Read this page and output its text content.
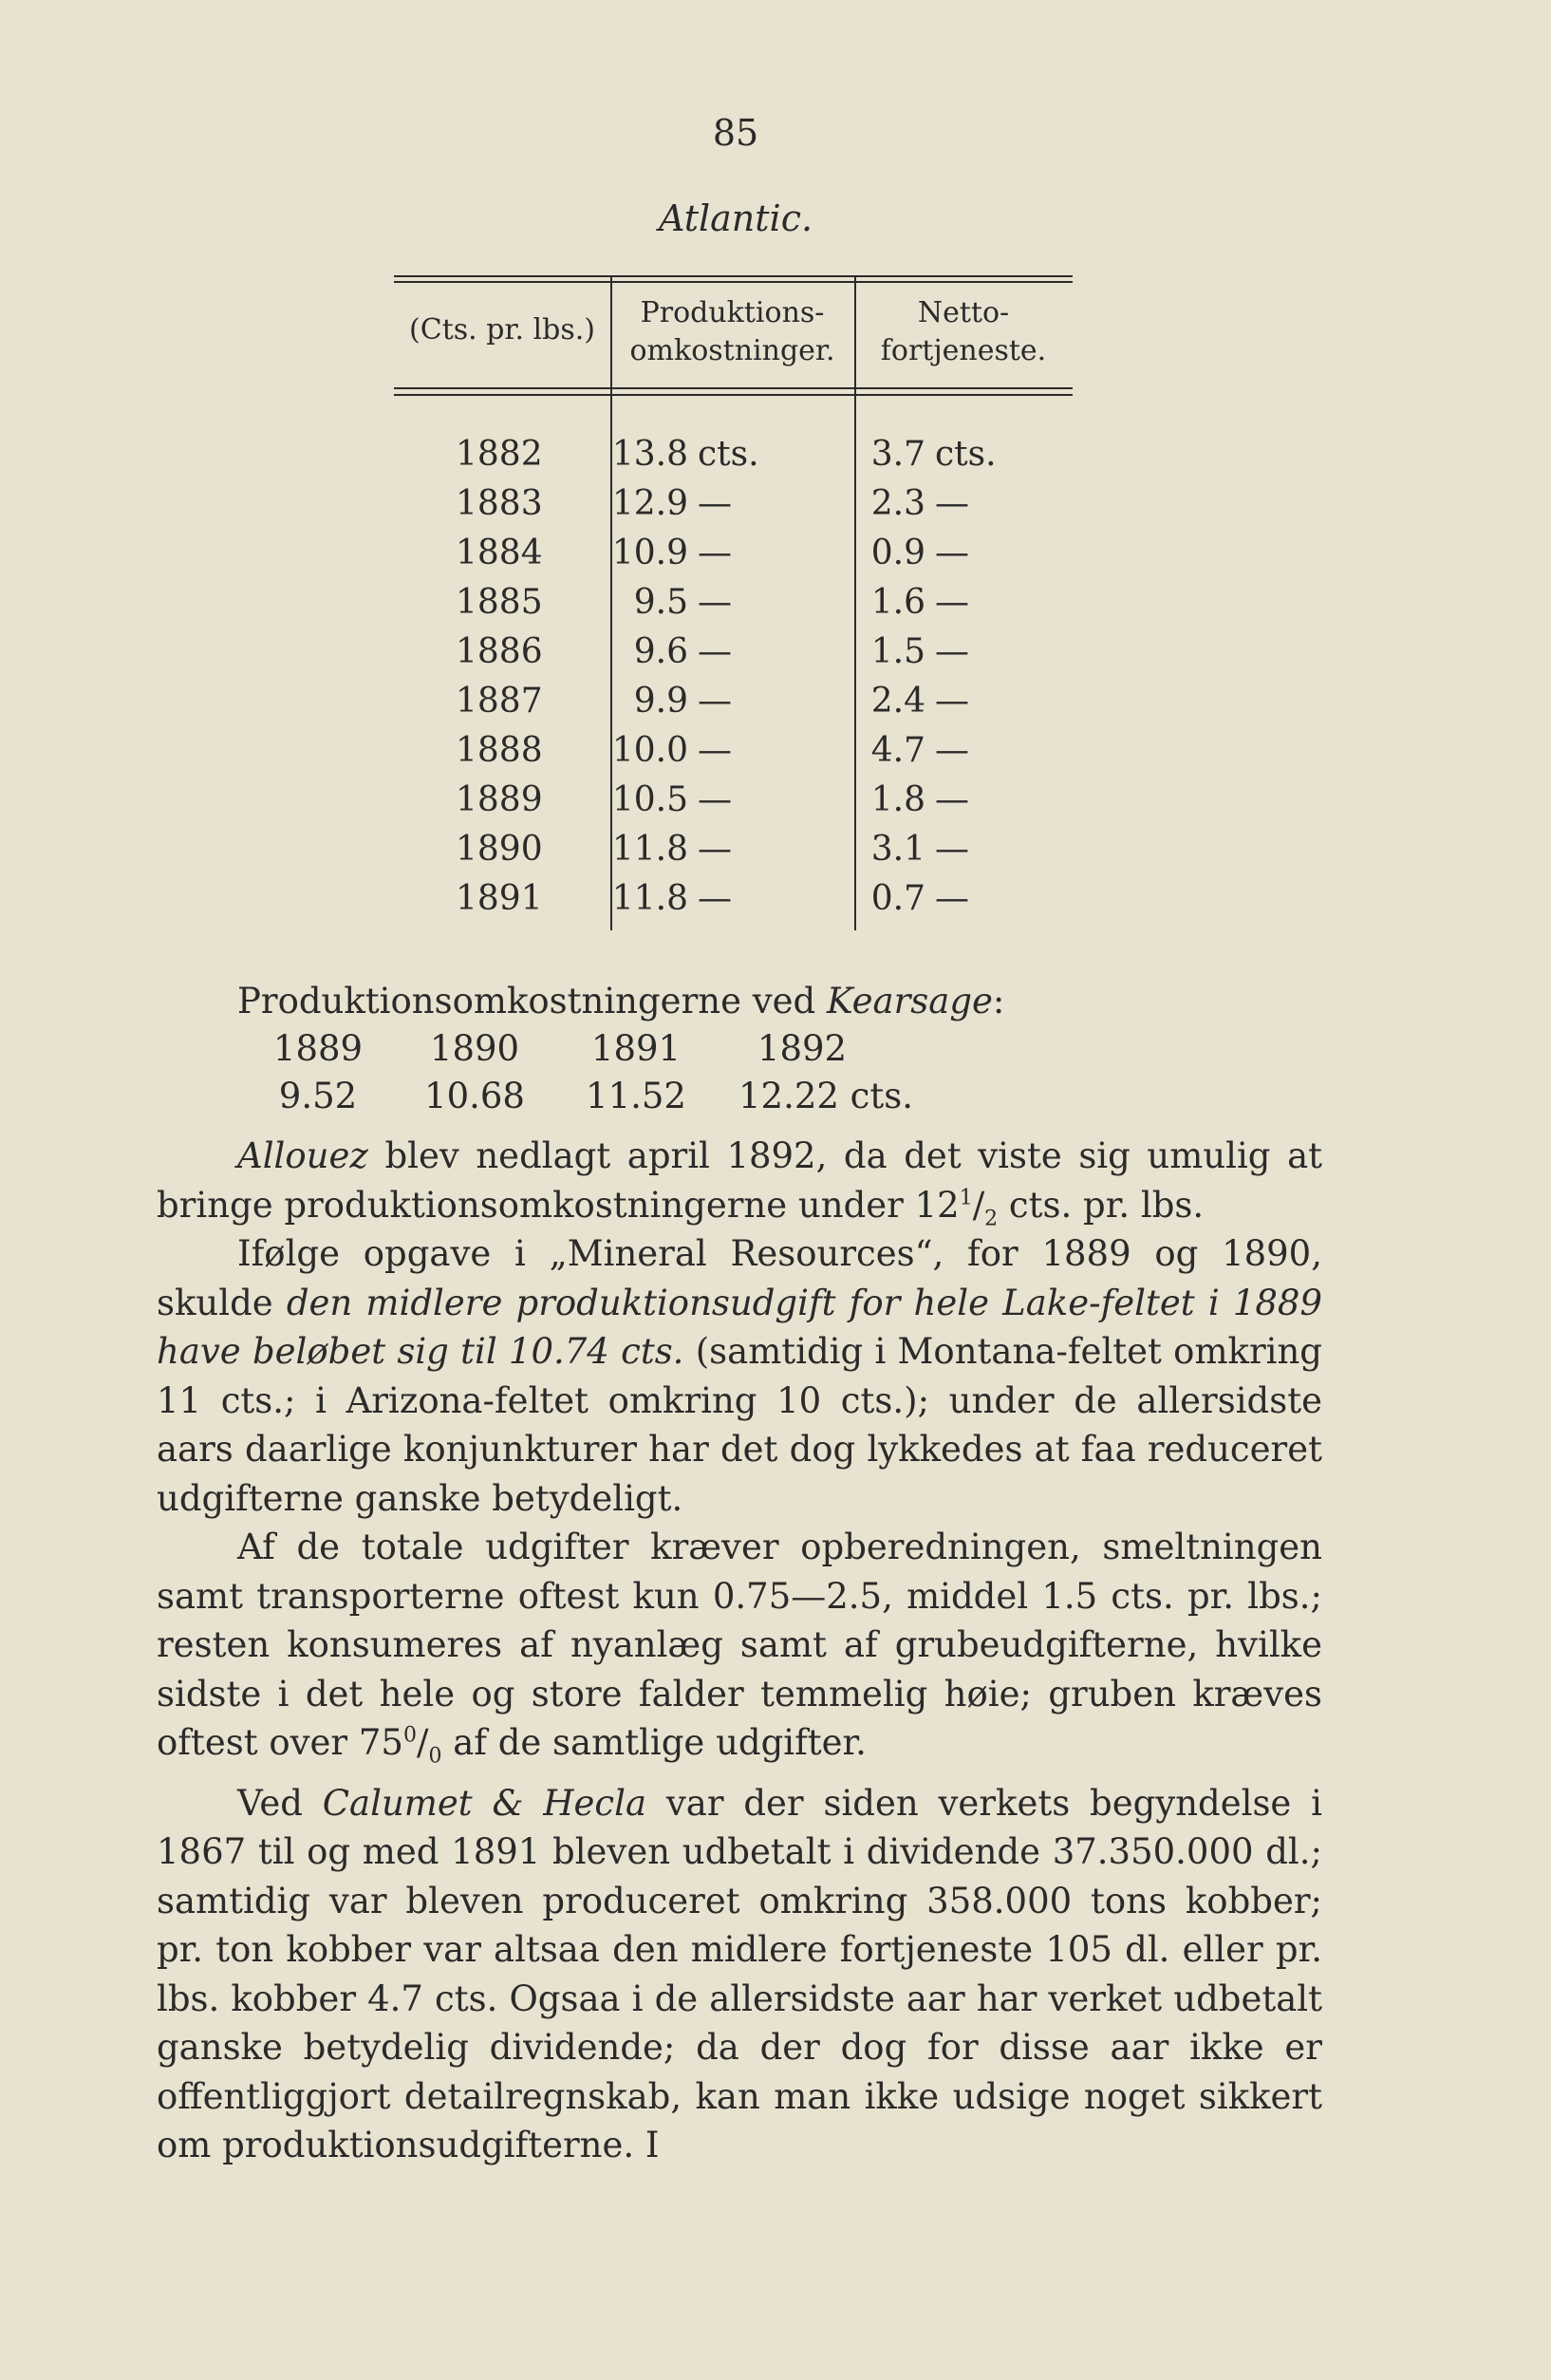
85
Atlantic.
(Cts. pr. lbs.)
Produktions-
omkostninger.
Netto-
fortjeneste.
1882 13.8 cts.	3.7 cts.
1883 12.9 —	2.3 —
1884 10.9 —	0.9 —
1885	9.5 —	1.6 —
1886	9.6 —	1.5 —
1887	9.9 —	2.4 —
1888 10.0 —	4.7 —
1889 10.5 —	1.8 —
1890 11.8 —	3.1 —
1891 11.8 —	0.7 —
Produktionsomkostningerne ved Kearsage:
1889	1890	1891	1892
9.52	10.68	11.52	12.22 cts.

Allouez blev nedlagt april 1892, da det viste sig umulig at bringe produktionsomkostningerne under $12^1/_2$ cts. pr. lbs.

Ifølge opgave i „Mineral Resources“, for 1889 og 1890, skulde den midlere produktionsudgift for hele Lake-feltet i 1889 have beløbet sig til 10.74 cts. (samtidig i Montana-feltet omkring 11 cts.; i Arizona-feltet omkring 10 cts.); under de allersidste aars daarlige konjunkturer har det dog lykkedes at faa reduceret udgifterne ganske betydeligt.

Af de totale udgifter kræver opberedningen, smeltningen samt transporterne oftest kun 0.75—2.5, middel 1.5 cts. pr. lbs.; resten konsumeres af nyanlæg samt af grubeudgifterne, hvilke sidste i det hele og store falder temmelig høie; gruben kræves oftest over $75^0/_0$ af de samtlige udgifter.

Ved Calumet & Hecla var der siden verkets begyndelse i 1867 til og med 1891 bleven udbetalt i dividende 37.350.000 dl.; samtidig var bleven produceret omkring 358.000 tons kobber; pr. ton kobber var altsaa den midlere fortjeneste 105 dl. eller pr. lbs. kobber 4.7 cts. Ogsaa i de allersidste aar har verket udbetalt ganske betydelig dividende; da der dog for disse aar ikke er offentliggjort detailregnskab, kan man ikke udsige noget sikkert om produktionsudgifterne. I
